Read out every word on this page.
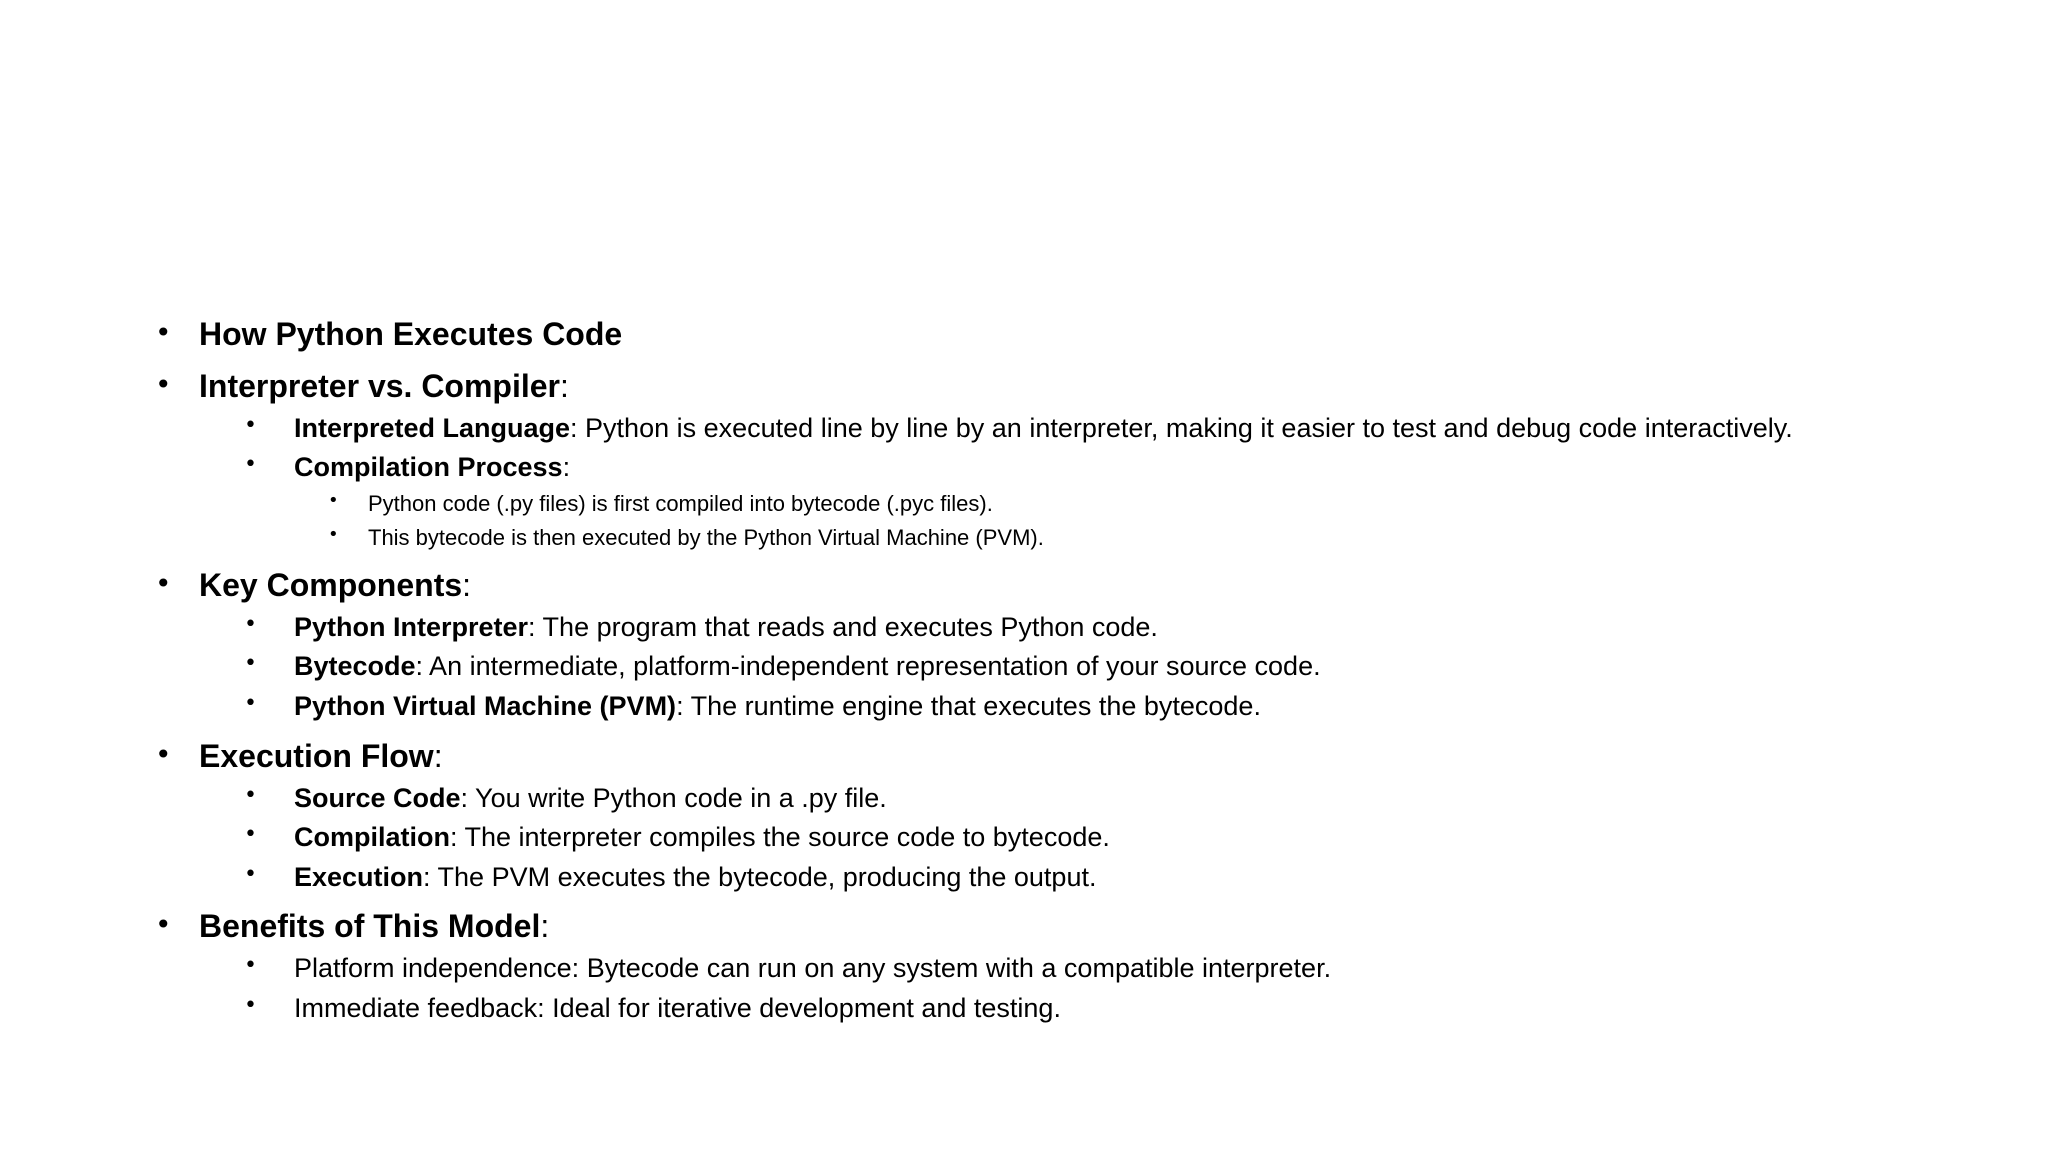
• How Python Executes Code
• Interpreter vs. Compiler:
• Interpreted Language: Python is executed line by line by an interpreter, making it easier to test and debug code interactively.
• Compilation Process:
• Python code (.py files) is first compiled into bytecode (.pyc files).
• This bytecode is then executed by the Python Virtual Machine (PVM).
• Key Components:
• Python Interpreter: The program that reads and executes Python code.
• Bytecode: An intermediate, platform-independent representation of your source code.
• Python Virtual Machine (PVM): The runtime engine that executes the bytecode.
• Execution Flow:
• Source Code: You write Python code in a .py file.
• Compilation: The interpreter compiles the source code to bytecode.
• Execution: The PVM executes the bytecode, producing the output.
• Benefits of This Model:
• Platform independence: Bytecode can run on any system with a compatible interpreter.
• Immediate feedback: Ideal for iterative development and testing.
